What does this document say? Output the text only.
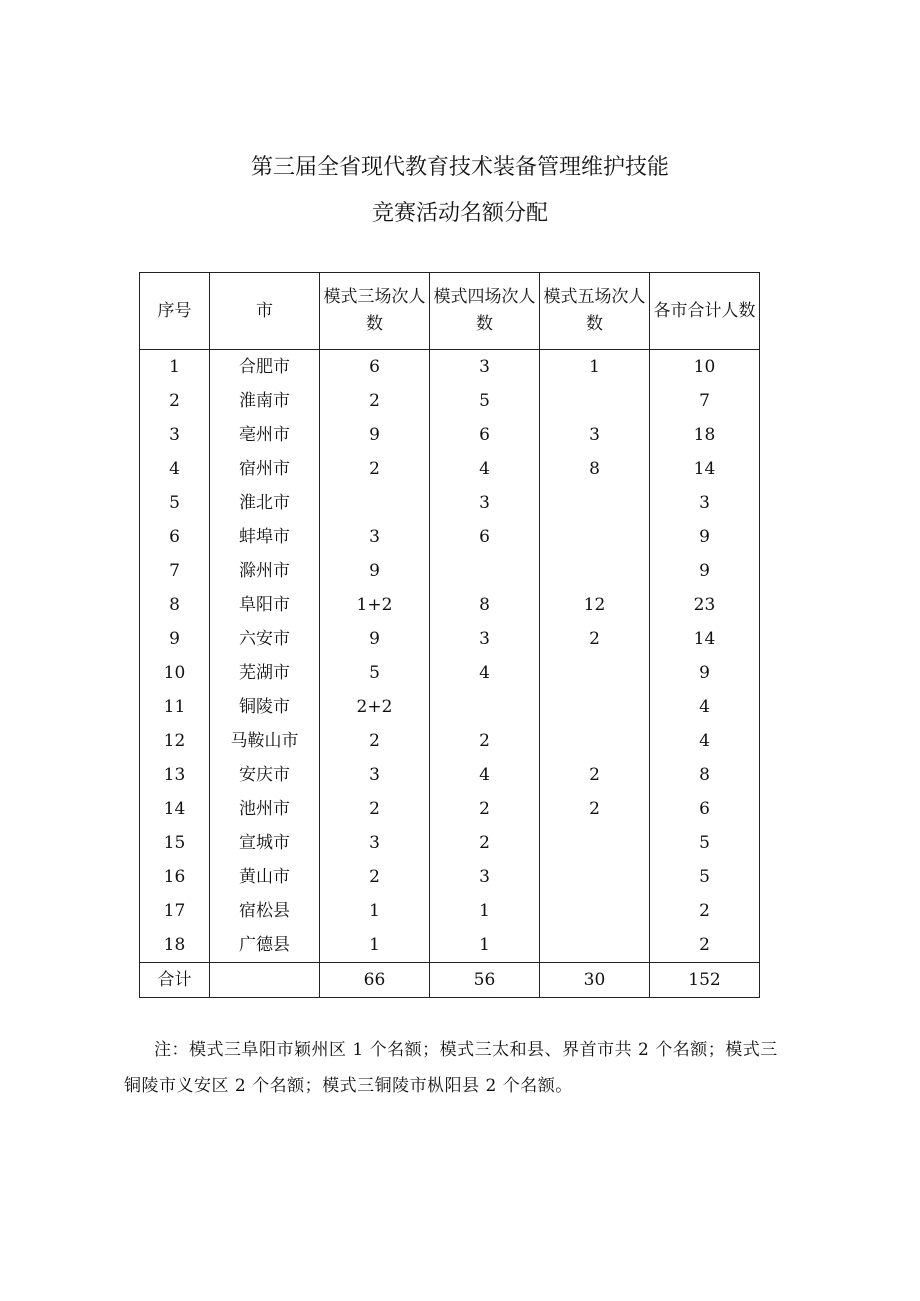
第三届全省现代教育技术装备管理维护技能
竞赛活动名额分配
序号	市	模式三场次人数	模式四场次人数	模式五场次人数	各市合计人数
1	合肥市	6	3	1	10
2	淮南市	2	5		7
3	亳州市	9	6	3	18
4	宿州市	2	4	8	14
5	淮北市		3		3
6	蚌埠市	3	6		9
7	滁州市	9			9
8	阜阳市	1+2	8	12	23
9	六安市	9	3	2	14
10	芜湖市	5	4		9
11	铜陵市	2+2			4
12	马鞍山市	2	2		4
13	安庆市	3	4	2	8
14	池州市	2	2	2	6
15	宣城市	3	2		5
16	黄山市	2	3		5
17	宿松县	1	1		2
18	广德县	1	1		2
合计		66	56	30	152

注：模式三阜阳市颖州区 1 个名额；模式三太和县、界首市共 2 个名额；模式三铜陵市义安区 2 个名额；模式三铜陵市枞阳县 2 个名额。
